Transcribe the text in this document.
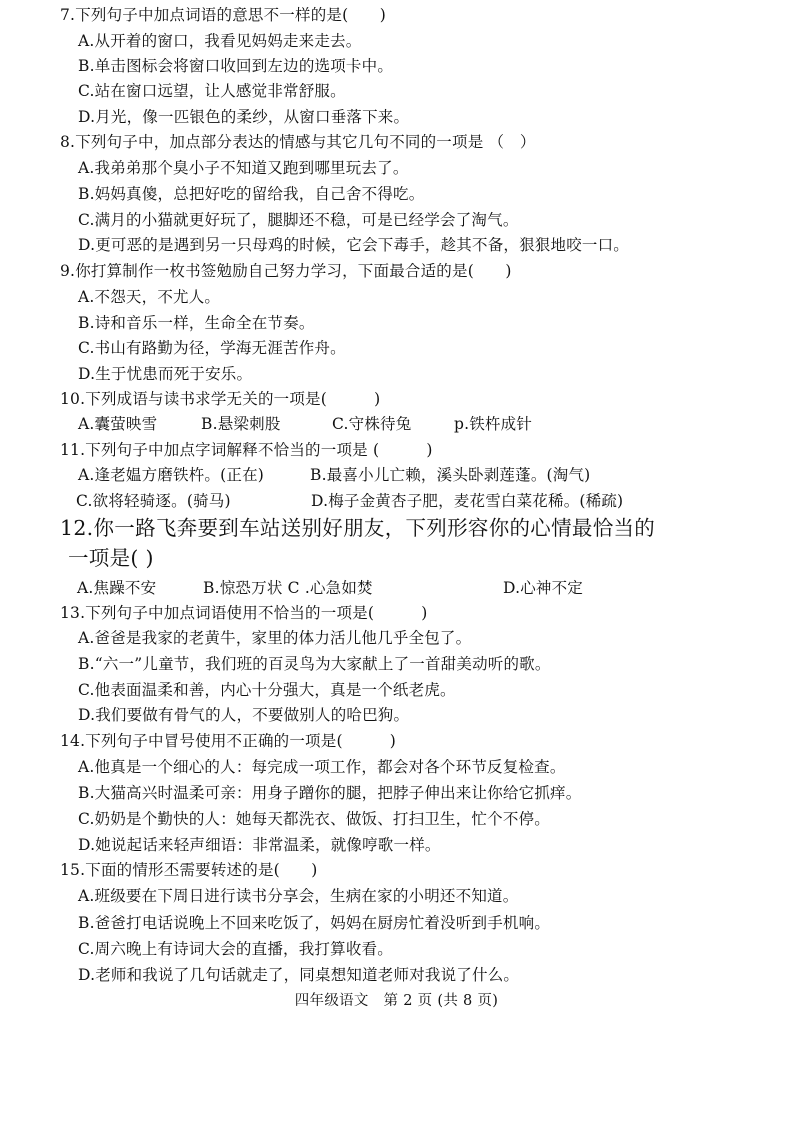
7.下列句子中加点词语的意思不一样的是(　　)
A.从开着的窗口，我看见妈妈走来走去。
B.单击图标会将窗口收回到左边的选项卡中。
C.站在窗口远望，让人感觉非常舒服。
D.月光，像一匹银色的柔纱，从窗口垂落下来。
8.下列句子中，加点部分表达的情感与其它几句不同的一项是 （　）
A.我弟弟那个臭小子不知道又跑到哪里玩去了。
B.妈妈真傻，总把好吃的留给我，自己舍不得吃。
C.满月的小猫就更好玩了，腿脚还不稳，可是已经学会了淘气。
D.更可恶的是遇到另一只母鸡的时候，它会下毒手，趁其不备，狠狠地咬一口。
9.你打算制作一枚书签勉励自己努力学习，下面最合适的是(　　)
A.不怨天，不尤人。
B.诗和音乐一样，生命全在节奏。
C.书山有路勤为径，学海无涯苦作舟。
D.生于忧患而死于安乐。
10.下列成语与读书求学无关的一项是(　　　)
A.囊萤映雪	B.悬梁刺股	C.守株待兔	p.铁杵成针
11.下列句子中加点字词解释不恰当的一项是 (　　　)
A.逢老媪方磨铁杵。(正在)	B.最喜小儿亡赖，溪头卧剥莲蓬。(淘气)
C.欲将轻骑逐。(骑马)	D.梅子金黄杏子肥，麦花雪白菜花稀。(稀疏)
12.你一路飞奔要到车站送别好朋友，下列形容你的心情最恰当的
一项是( )
A.焦躁不安	B.惊恐万状 C .心急如焚	D.心神不定
13.下列句子中加点词语使用不恰当的一项是(　　　)
A.爸爸是我家的老黄牛，家里的体力活儿他几乎全包了。
B.“六一”儿童节，我们班的百灵鸟为大家献上了一首甜美动听的歌。
C.他表面温柔和善，内心十分强大，真是一个纸老虎。
D.我们要做有骨气的人，不要做别人的哈巴狗。
14.下列句子中冒号使用不正确的一项是(　　　)
A.他真是一个细心的人：每完成一项工作，都会对各个环节反复检查。
B.大猫高兴时温柔可亲：用身子蹭你的腿，把脖子伸出来让你给它抓痒。
C.奶奶是个勤快的人：她每天都洗衣、做饭、打扫卫生，忙个不停。
D.她说起话来轻声细语：非常温柔，就像哼歌一样。
15.下面的情形丕需要转述的是(　　)
A.班级要在下周日进行读书分享会，生病在家的小明还不知道。
B.爸爸打电话说晚上不回来吃饭了，妈妈在厨房忙着没听到手机响。
C.周六晚上有诗词大会的直播，我打算收看。
D.老师和我说了几句话就走了，同桌想知道老师对我说了什么。
四年级语文　第 2 页 (共 8 页)
